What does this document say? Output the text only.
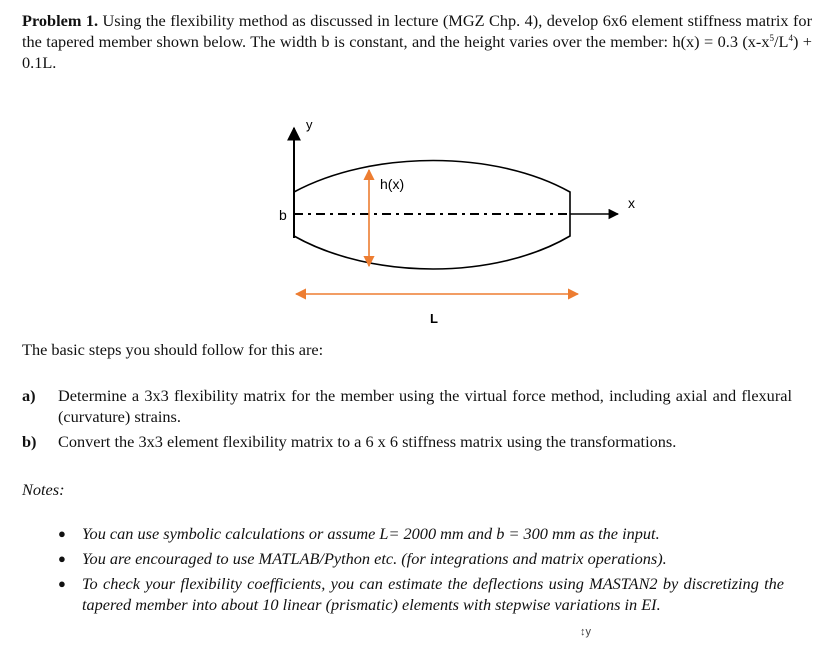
Problem 1. Using the flexibility method as discussed in lecture (MGZ Chp. 4), develop 6x6 element stiffness matrix for the tapered member shown below. The width b is constant, and the height varies over the member: h(x) = 0.3 $(x-x^5/L^4) + 0.1L$.
y
x
h(x)
b
L
The basic steps you should follow for this are:
a) Determine a 3x3 flexibility matrix for the member using the virtual force method, including axial and flexural (curvature) strains.
b) Convert the 3x3 element flexibility matrix to a 6 x 6 stiffness matrix using the transformations.
Notes:
● You can use symbolic calculations or assume L= 2000 mm and b = 300 mm as the input.
● You are encouraged to use MATLAB/Python etc. (for integrations and matrix operations).
● To check your flexibility coefficients, you can estimate the deflections using MASTAN2 by discretizing the tapered member into about 10 linear (prismatic) elements with stepwise variations in EI.
↕y
